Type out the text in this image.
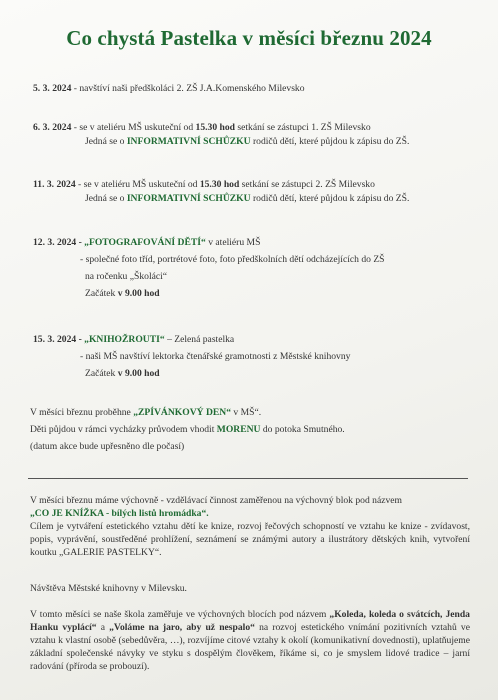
Co chystá Pastelka v měsíci březnu 2024
5. 3. 2024 - navštíví naši předškoláci 2. ZŠ J.A.Komenského Milevsko
6. 3. 2024 - se v ateliéru MŠ uskuteční od 15.30 hod setkání se zástupci 1. ZŠ Milevsko
Jedná se o INFORMATIVNÍ SCHŮZKU rodičů dětí, které půjdou k zápisu do ZŠ.
11. 3. 2024 - se v ateliéru MŠ uskuteční od 15.30 hod setkání se zástupci 2. ZŠ Milevsko
Jedná se o INFORMATIVNÍ SCHŮZKU rodičů dětí, které půjdou k zápisu do ZŠ.
12. 3. 2024 - „FOTOGRAFOVÁNÍ DĚTÍ“ v ateliéru MŠ
- společné foto tříd, portrétové foto, foto předškolních dětí odcházejících do ZŠ
na ročenku „Školáci“
Začátek v 9.00 hod
15. 3. 2024 - „KNIHOŽROUTI“ – Zelená pastelka
- naši MŠ navštíví lektorka čtenářské gramotnosti z Městské knihovny
Začátek v 9.00 hod
V měsíci březnu proběhne „ZPÍVÁNKOVÝ DEN“ v MŠ“.
Děti půjdou v rámci vycházky průvodem vhodit MORENU do potoka Smutného.
(datum akce bude upřesněno dle počasí)
V měsíci březnu máme výchovně - vzdělávací činnost zaměřenou na výchovný blok pod názvem
„CO JE KNÍŽKA - bílých listů hromádka“.
Cílem je vytváření estetického vztahu dětí ke knize, rozvoj řečových schopností ve vztahu ke knize - zvídavost, popis, vyprávění, soustředěné prohlížení, seznámení se známými autory a ilustrátory dětských knih, vytvoření koutku „GALERIE PASTELKY“.
Návštěva Městské knihovny v Milevsku.
V tomto měsíci se naše škola zaměřuje ve výchovných blocích pod názvem „Koleda, koleda o svátcích, Jenda Hanku vyplácí“ a „Voláme na jaro, aby už nespalo“ na rozvoj estetického vnímání pozitivních vztahů ve vztahu k vlastní osobě (sebedůvěra, …), rozvíjíme citové vztahy k okolí (komunikativní dovednosti), uplatňujeme základní společenské návyky ve styku s dospělým člověkem, říkáme si, co je smyslem lidové tradice – jarní radování (příroda se probouzí).
